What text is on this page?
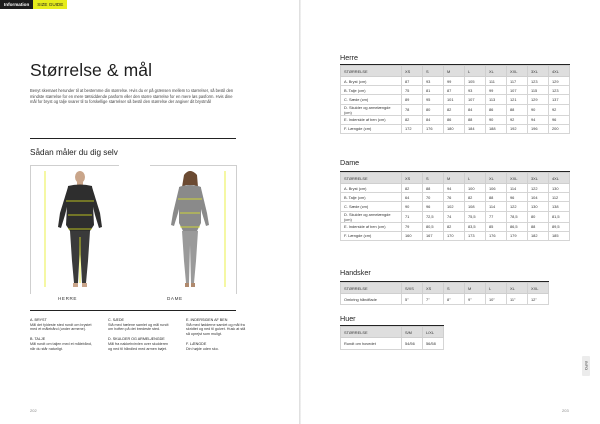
Information	SIZE GUIDE
Størrelse & mål
Benyt skemaet herunder til at bestemme din størrelse. Hvis du er på grænsen mellem to størrelser, så bestil den mindste størrelse for en mere tætsiddende pasform eller den større størrelse for en mere løs pasform. Hvis dine mål for bryst og talje svarer til to forskellige størrelser så bestil den størrelse der angiver dit brystmål
Sådan måler du dig selv
HERRE	DAME

A. BRYST
Mål det fyldeste sted rundt om brystet med et målebånd (under armene).

B. TALJE
Mål rundt om taljen med et målebånd, når du står naturligt.

C. SÆDE
Stå med hælene samlet og mål rundt om hoften på det bredeste sted.

D. SKULDER OG ARMELÆNGDE
Mål fra nakkehvirvlen over skulderen og ned til håndled med armen bøjet.

E. INDERSIDEN AF BEN
Stå med fødderne samlet og mål fra skridtet og ned til gulvet. Husk at stå så oprejst som muligt.

F. LÆNGDE
Din højde uden sko.

202
Herre
STØRRELSE	XS	S	M	L	XL	XXL	3XL	4XL
A. Bryst (cm)	87	93	99	105	111	117	123	129
B. Talje (cm)	75	81	87	93	99	107	115	123
C. Sæde (cm)	89	95	101	107	113	121	129	137
D. Skulder og armelængde (cm)	78	80	82	84	86	88	90	92
E. Inderside af ben (cm)	82	84	86	88	90	92	94	96
F. Længde (cm)	172	176	180	184	188	192	196	200
Dame
STØRRELSE	XS	S	M	L	XL	XXL	3XL	4XL
A. Bryst (cm)	82	88	94	100	106	114	122	130
B. Talje (cm)	64	70	76	82	88	96	104	112
C. Sæde (cm)	90	96	102	108	114	122	130	138
D. Skulder og armelængde (cm)	71	72,5	74	75,5	77	78,5	80	81,5
E. Inderside af ben (cm)	79	80,5	82	83,5	85	86,5	88	89,5
F. Længde (cm)	160	167	170	173	176	179	182	185
Handsker
STØRRELSE	S/XS	XS	S	M	L	XL	XXL
Omkring håndflade	5"	7"	8"	9"	10"	11"	12"
Huer
STØRRELSE	S/M	L/XL
Rundt om hovedet	54/56	56/58
INFO
203
